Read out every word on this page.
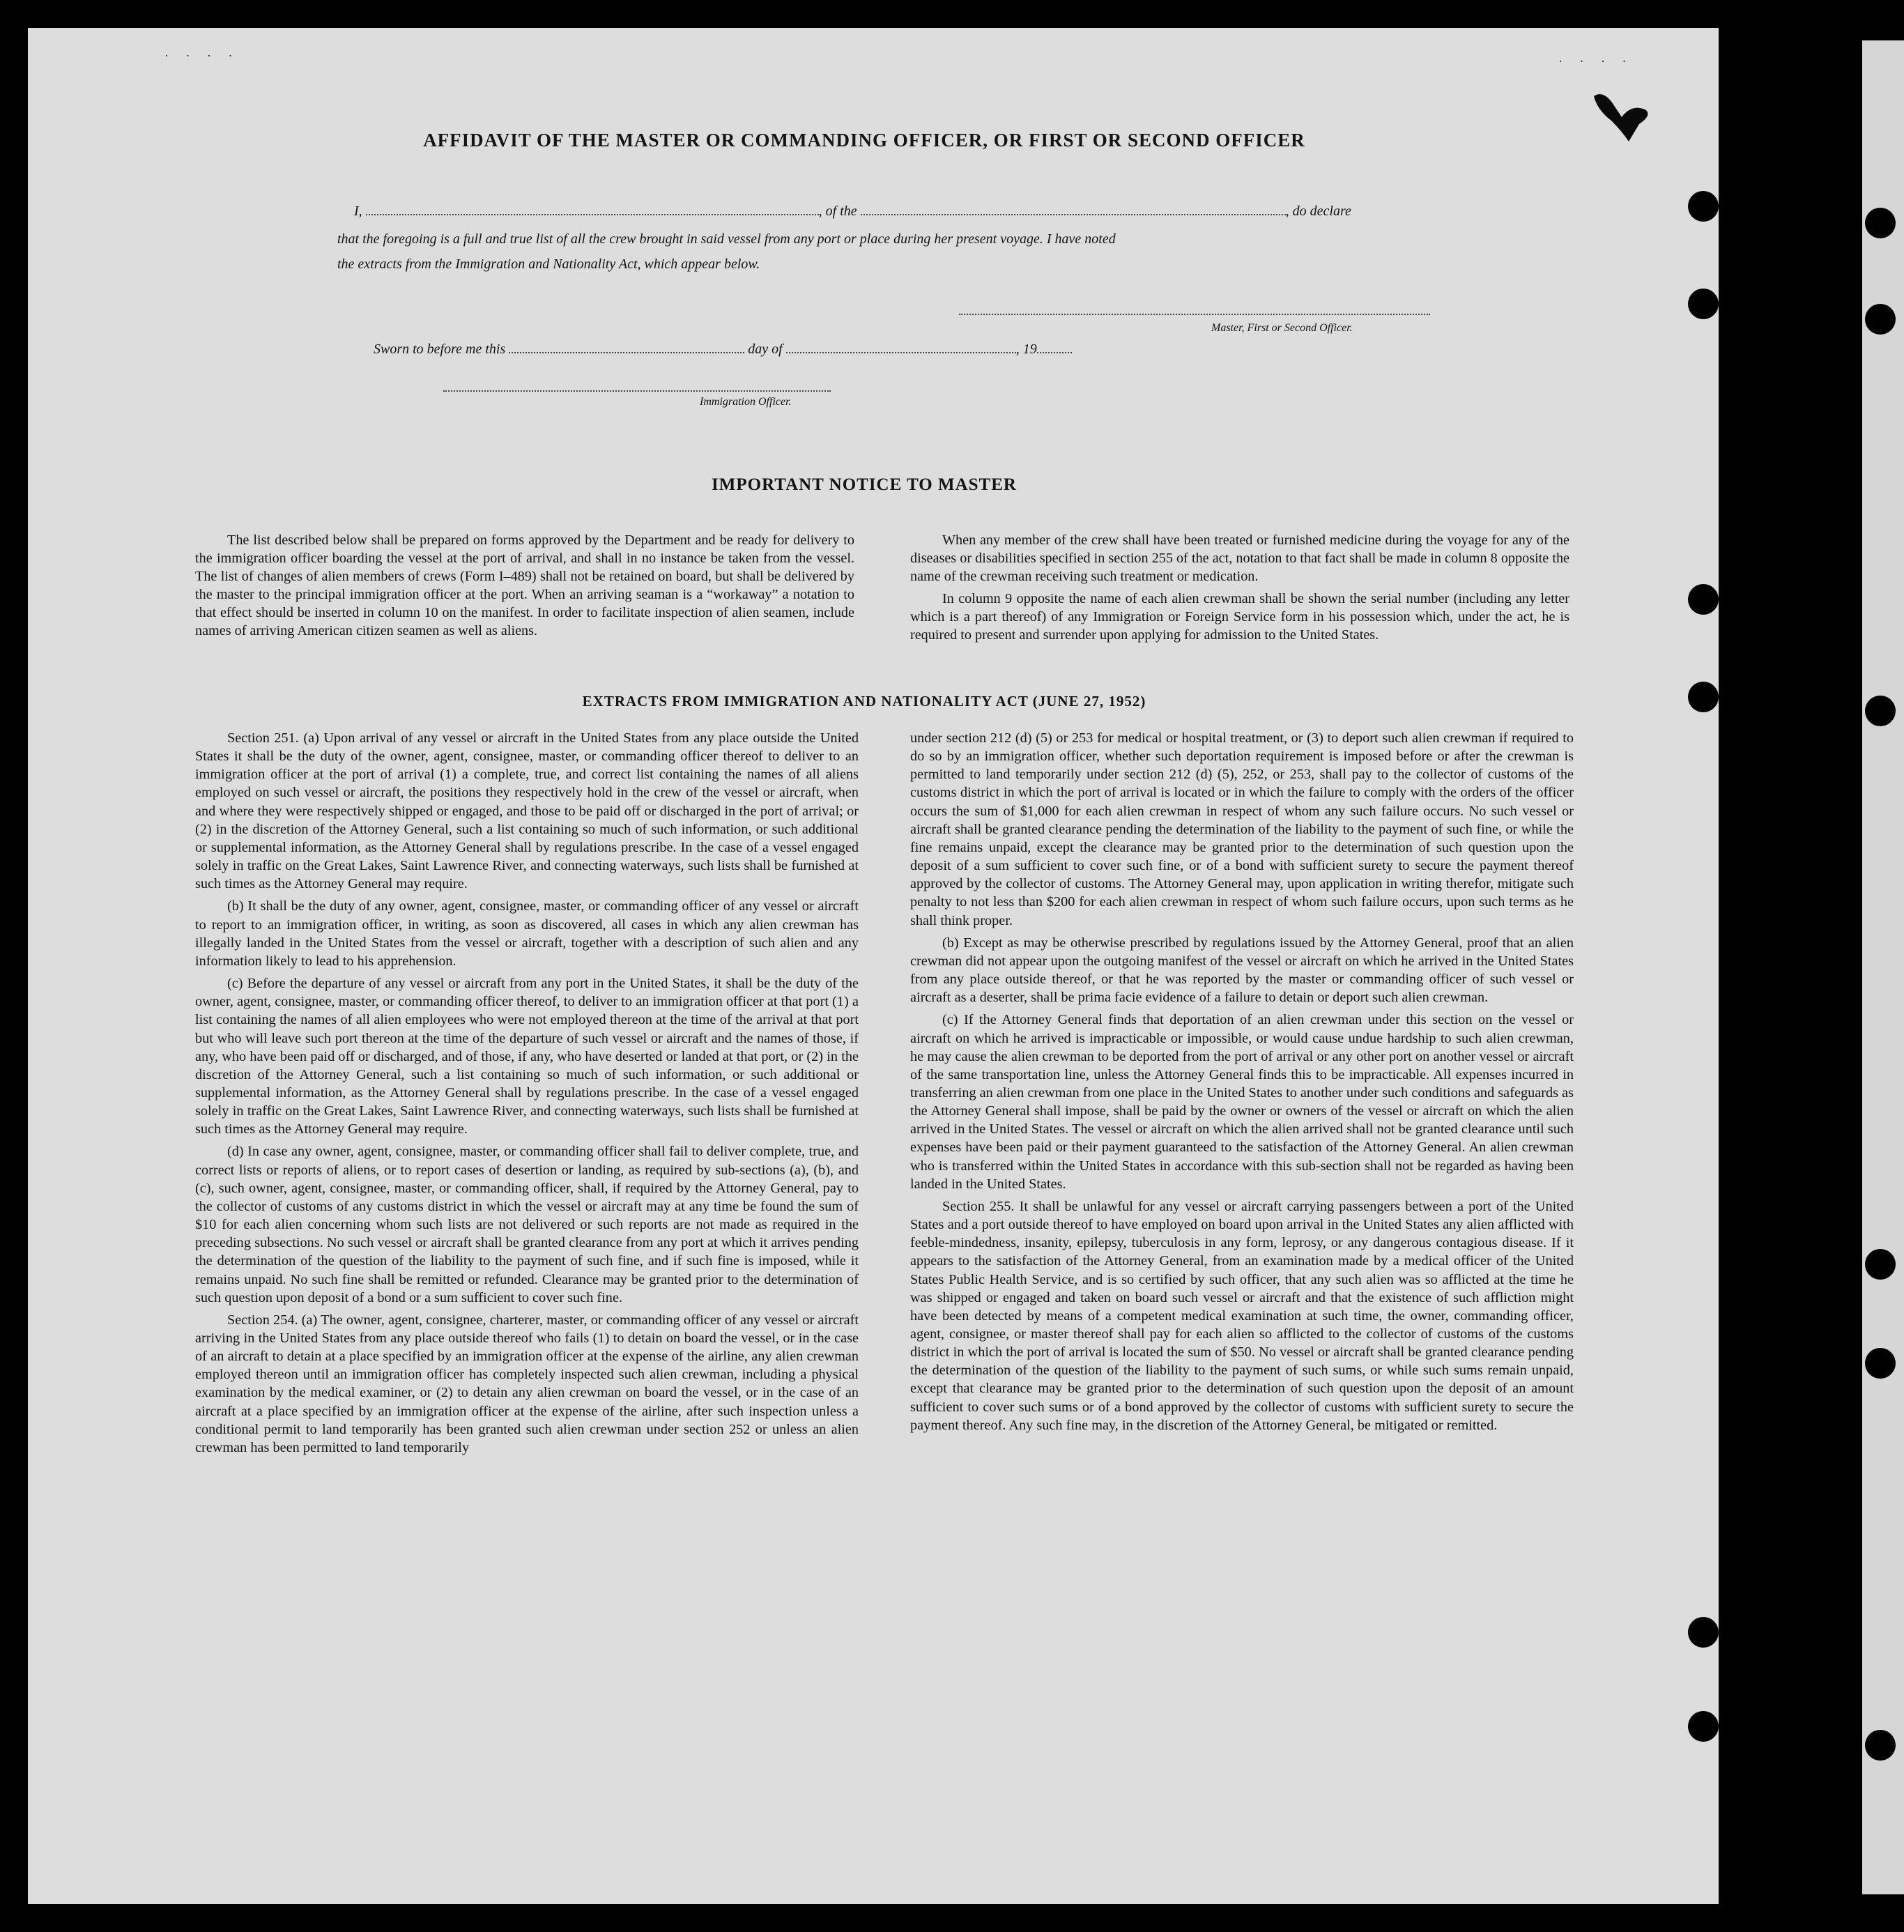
· · · ·	· · · ·
AFFIDAVIT OF THE MASTER OR COMMANDING OFFICER, OR FIRST OR SECOND OFFICER
I,	, of the	, do declare
that the foregoing is a full and true list of all the crew brought in said vessel from any port or place during her present voyage. I have noted
the extracts from the Immigration and Nationality Act, which appear below.
Master, First or Second Officer.
Sworn to before me this	day of	, 19
Immigration Officer.
IMPORTANT NOTICE TO MASTER

The list described below shall be prepared on forms approved by the Department and be ready for delivery to the immigration officer boarding the vessel at the port of arrival, and shall in no instance be taken from the vessel. The list of changes of alien members of crews (Form I–489) shall not be retained on board, but shall be delivered by the master to the principal immigration officer at the port. When an arriving seaman is a “workaway” a notation to that effect should be inserted in column 10 on the manifest. In order to facilitate inspection of alien seamen, include names of arriving American citizen seamen as well as aliens.

When any member of the crew shall have been treated or furnished medicine during the voyage for any of the diseases or disabilities specified in section 255 of the act, notation to that fact shall be made in column 8 opposite the name of the crewman receiving such treatment or medication.

In column 9 opposite the name of each alien crewman shall be shown the serial number (including any letter which is a part thereof) of any Immigration or Foreign Service form in his possession which, under the act, he is required to present and surrender upon applying for admission to the United States.

EXTRACTS FROM IMMIGRATION AND NATIONALITY ACT (JUNE 27, 1952)

Section 251. (a) Upon arrival of any vessel or aircraft in the United States from any place outside the United States it shall be the duty of the owner, agent, consignee, master, or commanding officer thereof to deliver to an immigration officer at the port of arrival (1) a complete, true, and correct list containing the names of all aliens employed on such vessel or aircraft, the positions they respectively hold in the crew of the vessel or aircraft, when and where they were respectively shipped or engaged, and those to be paid off or discharged in the port of arrival; or (2) in the discretion of the Attorney General, such a list containing so much of such information, or such additional or supplemental information, as the Attorney General shall by regulations prescribe. In the case of a vessel engaged solely in traffic on the Great Lakes, Saint Lawrence River, and connecting waterways, such lists shall be furnished at such times as the Attorney General may require.

(b) It shall be the duty of any owner, agent, consignee, master, or commanding officer of any vessel or aircraft to report to an immigration officer, in writing, as soon as discovered, all cases in which any alien crewman has illegally landed in the United States from the vessel or aircraft, together with a description of such alien and any information likely to lead to his apprehension.

(c) Before the departure of any vessel or aircraft from any port in the United States, it shall be the duty of the owner, agent, consignee, master, or commanding officer thereof, to deliver to an immigration officer at that port (1) a list containing the names of all alien employees who were not employed thereon at the time of the arrival at that port but who will leave such port thereon at the time of the departure of such vessel or aircraft and the names of those, if any, who have been paid off or discharged, and of those, if any, who have deserted or landed at that port, or (2) in the discretion of the Attorney General, such a list containing so much of such information, or such additional or supplemental information, as the Attorney General shall by regulations prescribe. In the case of a vessel engaged solely in traffic on the Great Lakes, Saint Lawrence River, and connecting waterways, such lists shall be furnished at such times as the Attorney General may require.

(d) In case any owner, agent, consignee, master, or commanding officer shall fail to deliver complete, true, and correct lists or reports of aliens, or to report cases of desertion or landing, as required by sub-sections (a), (b), and (c), such owner, agent, consignee, master, or commanding officer, shall, if required by the Attorney General, pay to the collector of customs of any customs district in which the vessel or aircraft may at any time be found the sum of $10 for each alien concerning whom such lists are not delivered or such reports are not made as required in the preceding subsections. No such vessel or aircraft shall be granted clearance from any port at which it arrives pending the determination of the question of the liability to the payment of such fine, and if such fine is imposed, while it remains unpaid. No such fine shall be remitted or refunded. Clearance may be granted prior to the determination of such question upon deposit of a bond or a sum sufficient to cover such fine.

Section 254. (a) The owner, agent, consignee, charterer, master, or commanding officer of any vessel or aircraft arriving in the United States from any place outside thereof who fails (1) to detain on board the vessel, or in the case of an aircraft to detain at a place specified by an immigration officer at the expense of the airline, any alien crewman employed thereon until an immigration officer has completely inspected such alien crewman, including a physical examination by the medical examiner, or (2) to detain any alien crewman on board the vessel, or in the case of an aircraft at a place specified by an immigration officer at the expense of the airline, after such inspection unless a conditional permit to land temporarily has been granted such alien crewman under section 252 or unless an alien crewman has been permitted to land temporarily

under section 212 (d) (5) or 253 for medical or hospital treatment, or (3) to deport such alien crewman if required to do so by an immigration officer, whether such deportation requirement is imposed before or after the crewman is permitted to land temporarily under section 212 (d) (5), 252, or 253, shall pay to the collector of customs of the customs district in which the port of arrival is located or in which the failure to comply with the orders of the officer occurs the sum of $1,000 for each alien crewman in respect of whom any such failure occurs. No such vessel or aircraft shall be granted clearance pending the determination of the liability to the payment of such fine, or while the fine remains unpaid, except the clearance may be granted prior to the determination of such question upon the deposit of a sum sufficient to cover such fine, or of a bond with sufficient surety to secure the payment thereof approved by the collector of customs. The Attorney General may, upon application in writing therefor, mitigate such penalty to not less than $200 for each alien crewman in respect of whom such failure occurs, upon such terms as he shall think proper.

(b) Except as may be otherwise prescribed by regulations issued by the Attorney General, proof that an alien crewman did not appear upon the outgoing manifest of the vessel or aircraft on which he arrived in the United States from any place outside thereof, or that he was reported by the master or commanding officer of such vessel or aircraft as a deserter, shall be prima facie evidence of a failure to detain or deport such alien crewman.

(c) If the Attorney General finds that deportation of an alien crewman under this section on the vessel or aircraft on which he arrived is impracticable or impossible, or would cause undue hardship to such alien crewman, he may cause the alien crewman to be deported from the port of arrival or any other port on another vessel or aircraft of the same transportation line, unless the Attorney General finds this to be impracticable. All expenses incurred in transferring an alien crewman from one place in the United States to another under such conditions and safeguards as the Attorney General shall impose, shall be paid by the owner or owners of the vessel or aircraft on which the alien arrived in the United States. The vessel or aircraft on which the alien arrived shall not be granted clearance until such expenses have been paid or their payment guaranteed to the satisfaction of the Attorney General. An alien crewman who is transferred within the United States in accordance with this sub-section shall not be regarded as having been landed in the United States.

Section 255. It shall be unlawful for any vessel or aircraft carrying passengers between a port of the United States and a port outside thereof to have employed on board upon arrival in the United States any alien afflicted with feeble-mindedness, insanity, epilepsy, tuberculosis in any form, leprosy, or any dangerous contagious disease. If it appears to the satisfaction of the Attorney General, from an examination made by a medical officer of the United States Public Health Service, and is so certified by such officer, that any such alien was so afflicted at the time he was shipped or engaged and taken on board such vessel or aircraft and that the existence of such affliction might have been detected by means of a competent medical examination at such time, the owner, commanding officer, agent, consignee, or master thereof shall pay for each alien so afflicted to the collector of customs of the customs district in which the port of arrival is located the sum of $50. No vessel or aircraft shall be granted clearance pending the determination of the question of the liability to the payment of such sums, or while such sums remain unpaid, except that clearance may be granted prior to the determination of such question upon the deposit of an amount sufficient to cover such sums or of a bond approved by the collector of customs with sufficient surety to secure the payment thereof. Any such fine may, in the discretion of the Attorney General, be mitigated or remitted.
